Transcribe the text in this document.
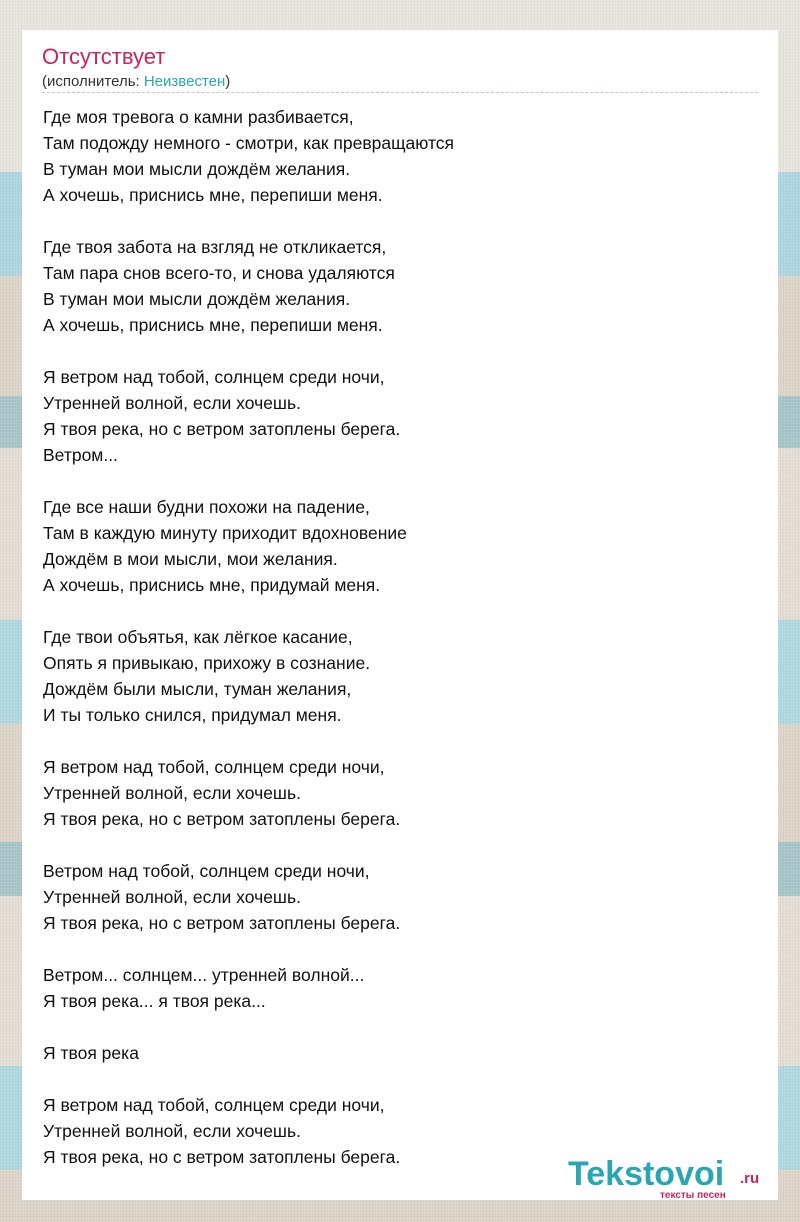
Отсутствует
(исполнитель: Неизвестен)
Где моя тревога о камни разбивается,
Там подожду немного - смотри, как превращаются
В туман мои мысли дождём желания.
А хочешь, приснись мне, перепиши меня.
Где твоя забота на взгляд не откликается,
Там пара снов всего-то, и снова удаляются
В туман мои мысли дождём желания.
А хочешь, приснись мне, перепиши меня.
Я ветром над тобой, солнцем среди ночи,
Утренней волной, если хочешь.
Я твоя река, но с ветром затоплены берега.
Ветром...
Где все наши будни похожи на падение,
Там в каждую минуту приходит вдохновение
Дождём в мои мысли, мои желания.
А хочешь, приснись мне, придумай меня.
Где твои объятья, как лёгкое касание,
Опять я привыкаю, прихожу в сознание.
Дождём были мысли, туман желания,
И ты только снился, придумал меня.
Я ветром над тобой, солнцем среди ночи,
Утренней волной, если хочешь.
Я твоя река, но с ветром затоплены берега.
Ветром над тобой, солнцем среди ночи,
Утренней волной, если хочешь.
Я твоя река, но с ветром затоплены берега.
Ветром... солнцем... утренней волной...
Я твоя река... я твоя река...
Я твоя река
Я ветром над тобой, солнцем среди ночи,
Утренней волной, если хочешь.
Я твоя река, но с ветром затоплены берега.	Tekstovoi .ru
тексты песен
